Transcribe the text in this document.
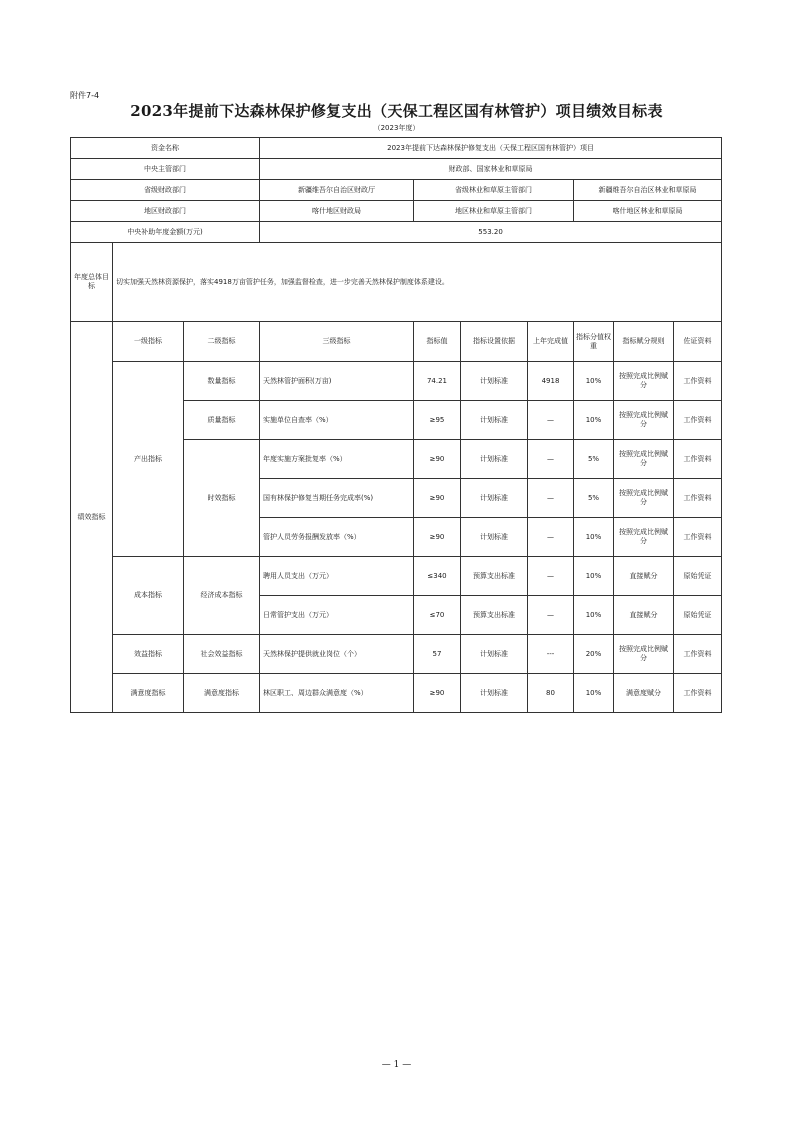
附件7-4
2023年提前下达森林保护修复支出（天保工程区国有林管护）项目绩效目标表
（2023年度）
资金名称			2023年提前下达森林保护修复支出（天保工程区国有林管护）项目						
中央主管部门			财政部、国家林业和草原局						
省级财政部门			新疆维吾尔自治区财政厅	省级林业和草原主管部门			新疆维吾尔自治区林业和草原局		
地区财政部门			喀什地区财政局	地区林业和草原主管部门			喀什地区林业和草原局		
中央补助年度金额(万元)			553.20						
年度总体目标	切实加强天然林资源保护，落实4918万亩管护任务，加强监督检查，进一步完善天然林保护制度体系建设。								
绩效指标	一级指标	二级指标	三级指标	指标值	指标设置依据	上年完成值	指标分值权重	指标赋分规则	佐证资料
	产出指标	数量指标	天然林管护面积(万亩)	74.21	计划标准	4918	10%	按照完成比例赋分	工作资料
		质量指标	实施单位自查率（%）	≥95	计划标准	—	10%	按照完成比例赋分	工作资料
		时效指标	年度实施方案批复率（%）	≥90	计划标准	—	5%	按照完成比例赋分	工作资料
			国有林保护修复当期任务完成率(%)	≥90	计划标准	—	5%	按照完成比例赋分	工作资料
			管护人员劳务报酬发放率（%）	≥90	计划标准	—	10%	按照完成比例赋分	工作资料
	成本指标	经济成本指标	聘用人员支出（万元）	≤340	预算支出标准	—	10%	直接赋分	原始凭证
			日常管护支出（万元）	≤70	预算支出标准	—	10%	直接赋分	原始凭证
	效益指标	社会效益指标	天然林保护提供就业岗位（个）	57	计划标准	---	20%	按照完成比例赋分	工作资料
	满意度指标	满意度指标	林区职工、周边群众满意度（%）	≥90	计划标准	80	10%	满意度赋分	工作资料
— 1 —
